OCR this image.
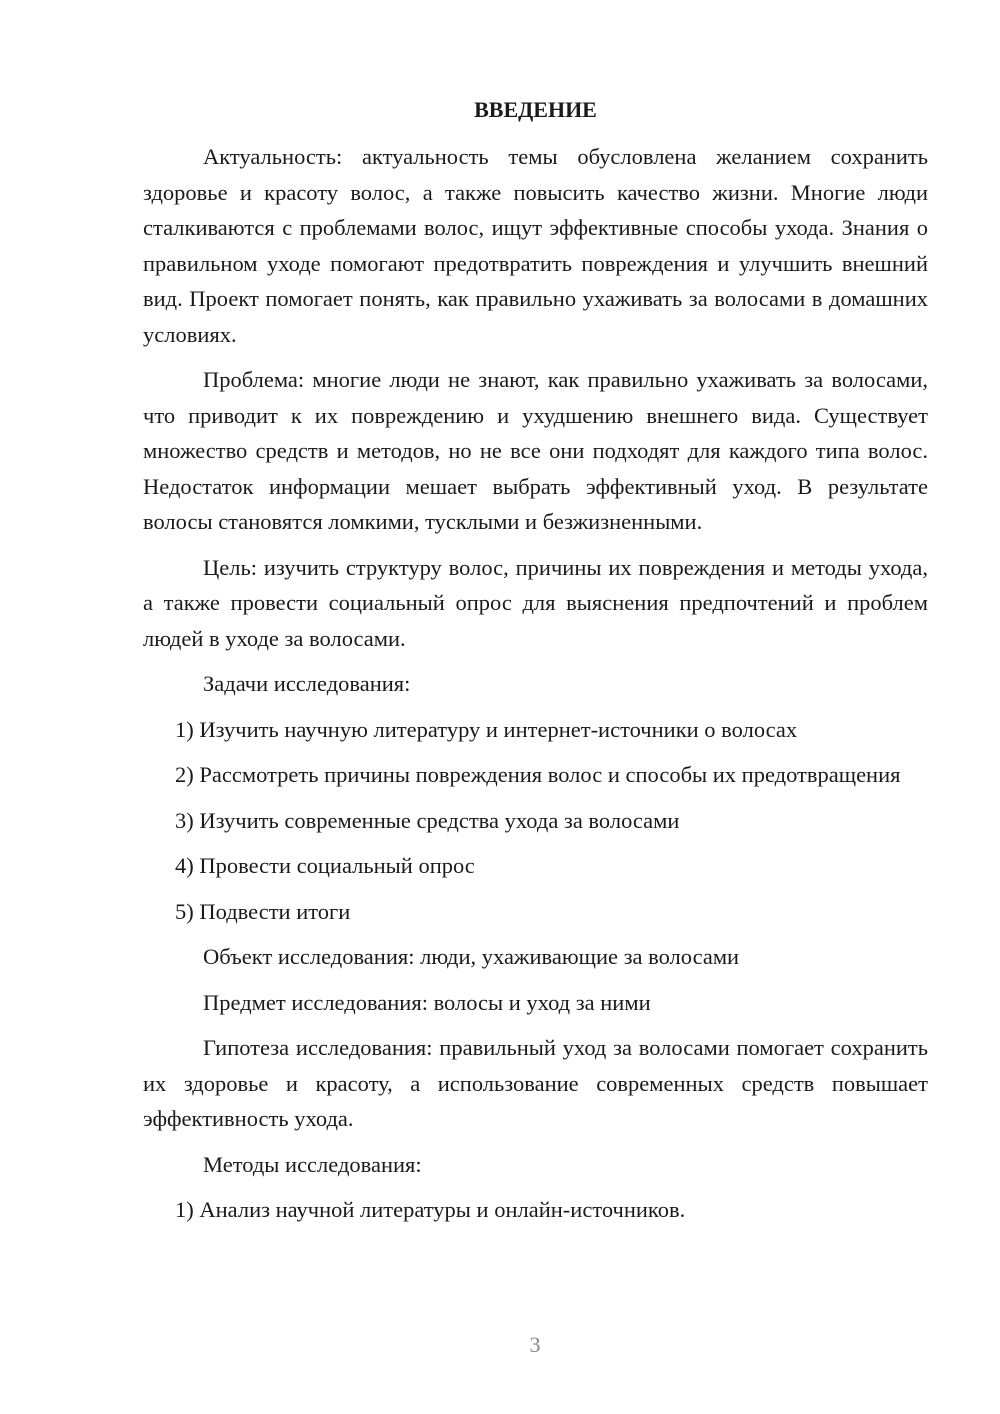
ВВЕДЕНИЕ

Актуальность: актуальность темы обусловлена желанием сохранить здоровье и красоту волос, а также повысить качество жизни. Многие люди сталкиваются с проблемами волос, ищут эффективные способы ухода. Знания о правильном уходе помогают предотвратить повреждения и улучшить внешний вид. Проект помогает понять, как правильно ухаживать за волосами в домашних условиях.

Проблема: многие люди не знают, как правильно ухаживать за волосами, что приводит к их повреждению и ухудшению внешнего вида. Существует множество средств и методов, но не все они подходят для каждого типа волос. Недостаток информации мешает выбрать эффективный уход. В результате волосы становятся ломкими, тусклыми и безжизненными.

Цель: изучить структуру волос, причины их повреждения и методы ухода, а также провести социальный опрос для выяснения предпочтений и проблем людей в уходе за волосами.

Задачи исследования:

1) Изучить научную литературу и интернет-источники о волосах

2) Рассмотреть причины повреждения волос и способы их предотвращения

3) Изучить современные средства ухода за волосами

4) Провести социальный опрос

5) Подвести итоги

Объект исследования: люди, ухаживающие за волосами

Предмет исследования: волосы и уход за ними

Гипотеза исследования: правильный уход за волосами помогает сохранить их здоровье и красоту, а использование современных средств повышает эффективность ухода.

Методы исследования:

1) Анализ научной литературы и онлайн-источников.

3
